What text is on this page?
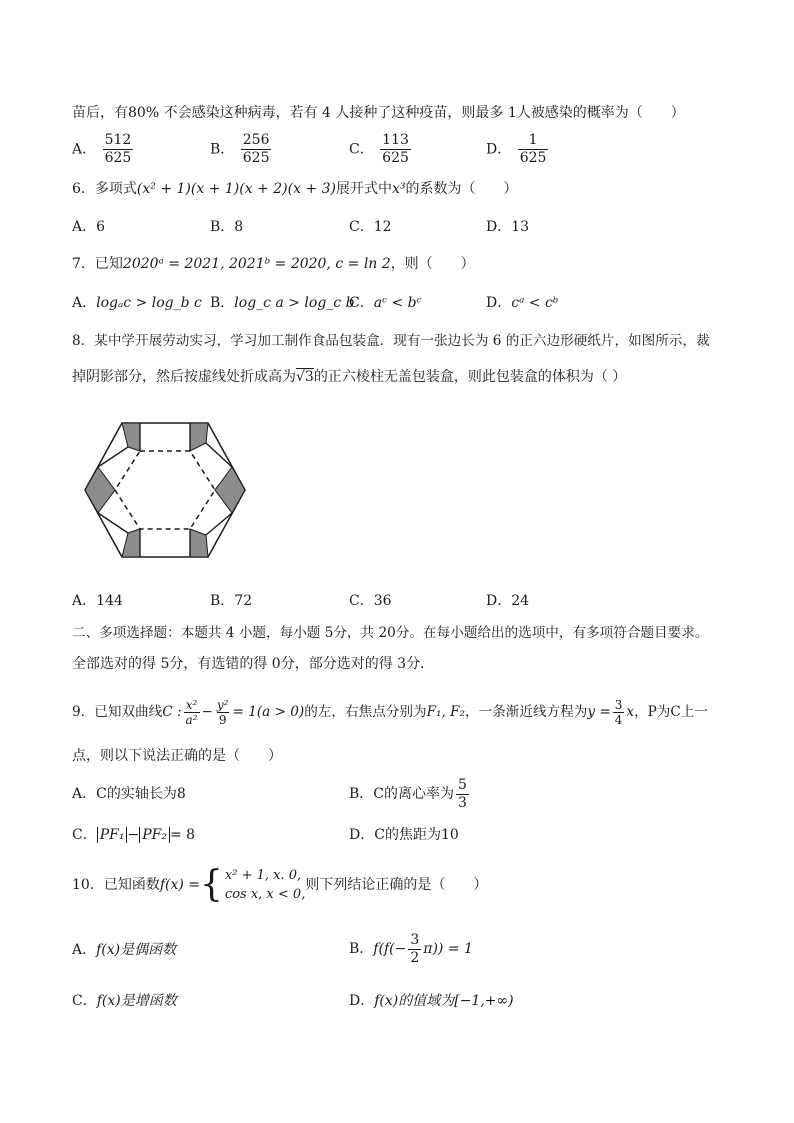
苗后，有80% 不会感染这种病毒，若有 4 人接种了这种疫苗，则最多 1人被感染的概率为（　　）
A． $\frac{512}{625}$	B． $\frac{256}{625}$	C． $\frac{113}{625}$	D． $\frac{1}{625}$
6．多项式(x² + 1)(x + 1)(x + 2)(x + 3)展开式中x³的系数为（　　）
A．6	B．8	C．12	D．13
7．已知2020ᵃ = 2021, 2021ᵇ = 2020, c = ln 2，则（　　）
A．logₐc > log_b c B．log_c a > log_c b
C．aᶜ < bᶜ	D．cᵃ < cᵇ
8．某中学开展劳动实习，学习加工制作食品包装盒．现有一张边长为 6 的正六边形硬纸片，如图所示，裁
掉阴影部分，然后按虚线处折成高为√3的正六棱柱无盖包装盒，则此包装盒的体积为（ ）
A．144	B．72	C．36	D．24
二、多项选择题：本题共 4 小题，每小题 5分，共 20分。在每小题给出的选项中，有多项符合题目要求。
全部选对的得 5分，有选错的得 0分，部分选对的得 3分．
9．已知双曲线C : $\frac{\text{x²}}{\text{a²}} - \frac{\text{y²}}{9} = 1(a > 0)$的左，右焦点分别为F₁, F₂，一条渐近线方程为$y = \frac{3}{4}$ x，P为C上一
点，则以下说法正确的是（　　）
A．C的实轴长为8	B．C的离心率为 $\frac{5}{3}$
C． PF₁ − PF₂ = 8	D．C的焦距为10
10．已知函数f(x) = { x² + 1, x. 0,
cos x, x < 0,
则下列结论正确的是（　　）
A．f(x)是偶函数	B．$f(f(- \frac{3}{2} \pi)) = 1$
C．f(x)是增函数	D．f(x)的值域为[−1,+∞)
